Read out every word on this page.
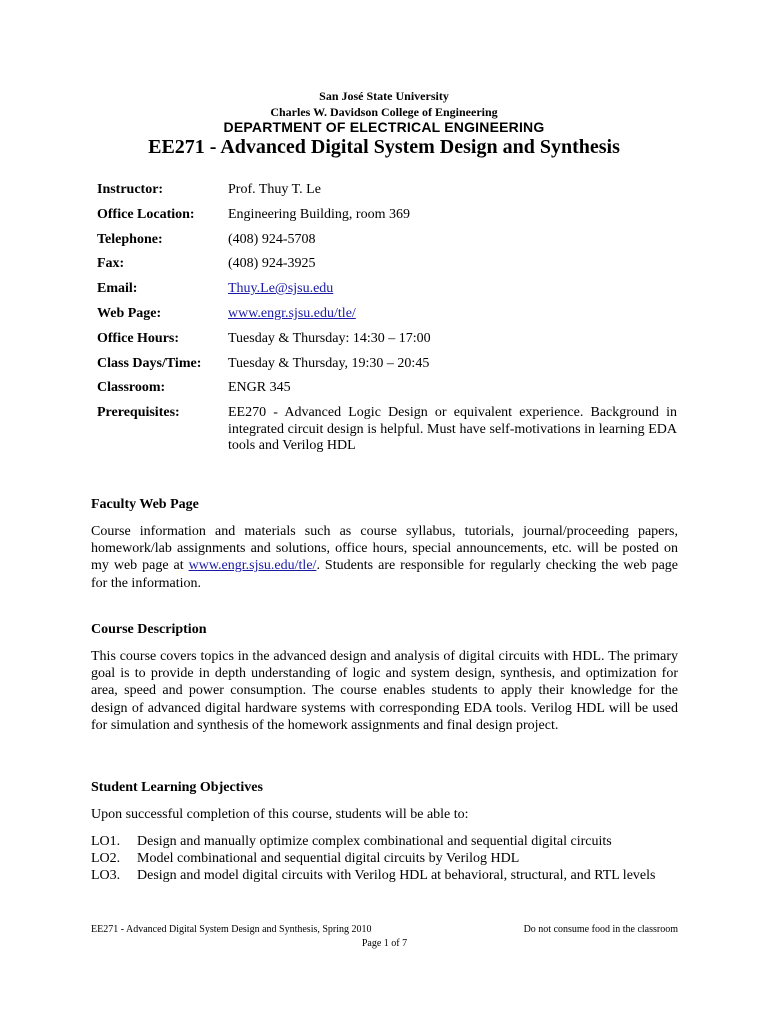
San José State University
Charles W. Davidson College of Engineering
DEPARTMENT OF ELECTRICAL ENGINEERING
EE271 - Advanced Digital System Design and Synthesis
Instructor:	Prof. Thuy T. Le
Office Location:	Engineering Building, room 369
Telephone:	(408) 924-5708
Fax:	(408) 924-3925
Email:	Thuy.Le@sjsu.edu
Web Page:	www.engr.sjsu.edu/tle/
Office Hours:	Tuesday & Thursday: 14:30 – 17:00
Class Days/Time:	Tuesday & Thursday, 19:30 – 20:45
Classroom:	ENGR 345
Prerequisites:	EE270 - Advanced Logic Design or equivalent experience. Background in integrated circuit design is helpful. Must have self-motivations in learning EDA tools and Verilog HDL
Faculty Web Page

Course information and materials such as course syllabus, tutorials, journal/proceeding papers, homework/lab assignments and solutions, office hours, special announcements, etc. will be posted on my web page at www.engr.sjsu.edu/tle/. Students are responsible for regularly checking the web page for the information.

Course Description

This course covers topics in the advanced design and analysis of digital circuits with HDL. The primary goal is to provide in depth understanding of logic and system design, synthesis, and optimization for area, speed and power consumption. The course enables students to apply their knowledge for the design of advanced digital hardware systems with corresponding EDA tools. Verilog HDL will be used for simulation and synthesis of the homework assignments and final design project.

Student Learning Objectives

Upon successful completion of this course, students will be able to:

LO1.	Design and manually optimize complex combinational and sequential digital circuits
LO2.	Model combinational and sequential digital circuits by Verilog HDL
LO3.	Design and model digital circuits with Verilog HDL at behavioral, structural, and RTL levels
EE271 - Advanced Digital System Design and Synthesis, Spring 2010	Do not consume food in the classroom
Page 1 of 7
